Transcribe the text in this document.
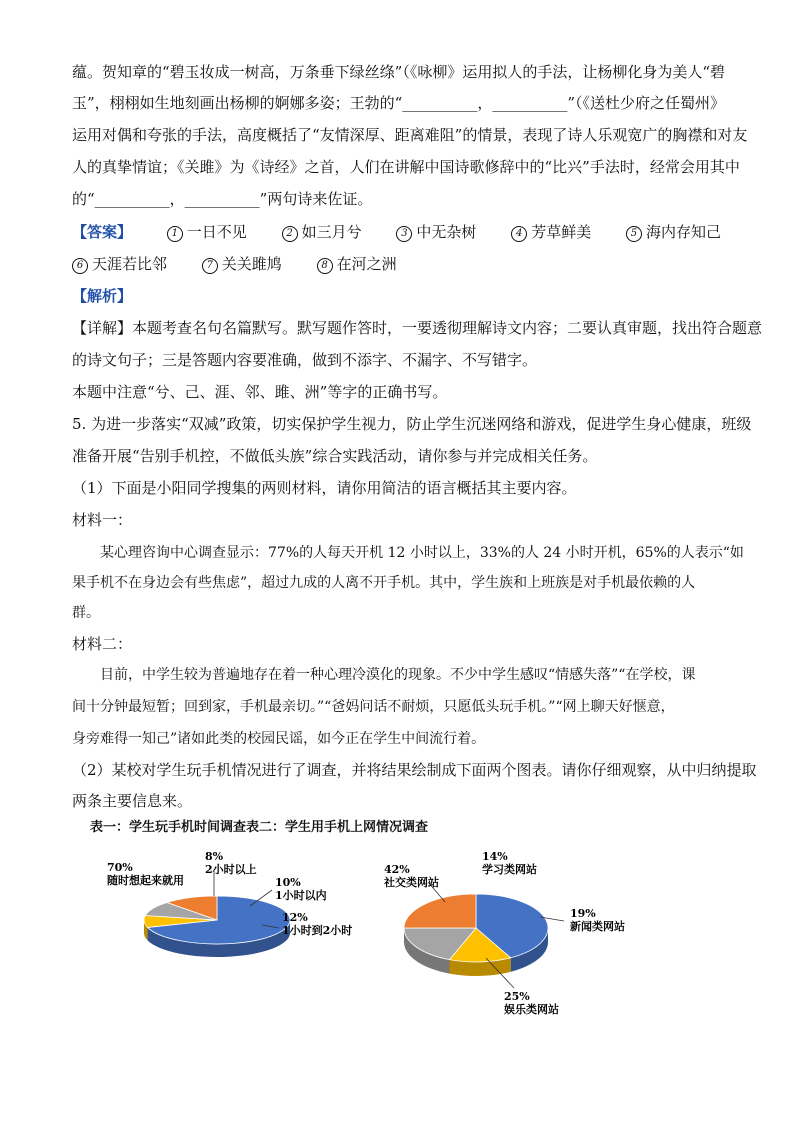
蕴。贺知章的“碧玉妆成一树高，万条垂下绿丝绦”（《咏柳》运用拟人的手法，让杨柳化身为美人“碧
玉”，栩栩如生地刻画出杨柳的婀娜多姿；王勃的“__________，__________”（《送杜少府之任蜀州》
运用对偶和夸张的手法，高度概括了“友情深厚、距离难阻”的情景，表现了诗人乐观宽广的胸襟和对友
人的真挚情谊；《关雎》为《诗经》之首，人们在讲解中国诗歌修辞中的“比兴”手法时，经常会用其中
的“__________，__________”两句诗来佐证。
【答案】	1 一日不见	2 如三月兮	3 中无杂树	4 芳草鲜美	5 海内存知己
6 天涯若比邻	7 关关雎鸠	8 在河之洲
【解析】
【详解】本题考查名句名篇默写。默写题作答时，一要透彻理解诗文内容；二要认真审题，找出符合题意
的诗文句子；三是答题内容要准确，做到不添字、不漏字、不写错字。
本题中注意“兮、己、涯、邻、雎、洲”等字的正确书写。
5. 为进一步落实“双减”政策，切实保护学生视力，防止学生沉迷网络和游戏，促进学生身心健康，班级
准备开展“告别手机控，不做低头族”综合实践活动，请你参与并完成相关任务。
（1）下面是小阳同学搜集的两则材料，请你用简洁的语言概括其主要内容。
材料一：
某心理咨询中心调查显示：77%的人每天开机 12 小时以上，33%的人 24 小时开机，65%的人表示“如
果手机不在身边会有些焦虑”，超过九成的人离不开手机。其中，学生族和上班族是对手机最依赖的人
群。
材料二：
目前，中学生较为普遍地存在着一种心理冷漠化的现象。不少中学生感叹“情感失落”“在学校，课
间十分钟最短暂；回到家，手机最亲切。”“爸妈问话不耐烦，只愿低头玩手机。”“网上聊天好惬意，
身旁难得一知己”诸如此类的校园民谣，如今正在学生中间流行着。
（2）某校对学生玩手机情况进行了调查，并将结果绘制成下面两个图表。请你仔细观察，从中归纳提取
两条主要信息来。
表一：学生玩手机时间调查表二：学生用手机上网情况调查
70%
随时想起来就用
8%
2小时以上
10%
1小时以内
12%
1小时到2小时
42%
社交类网站
14%
学习类网站
19%
新闻类网站
25%
娱乐类网站
